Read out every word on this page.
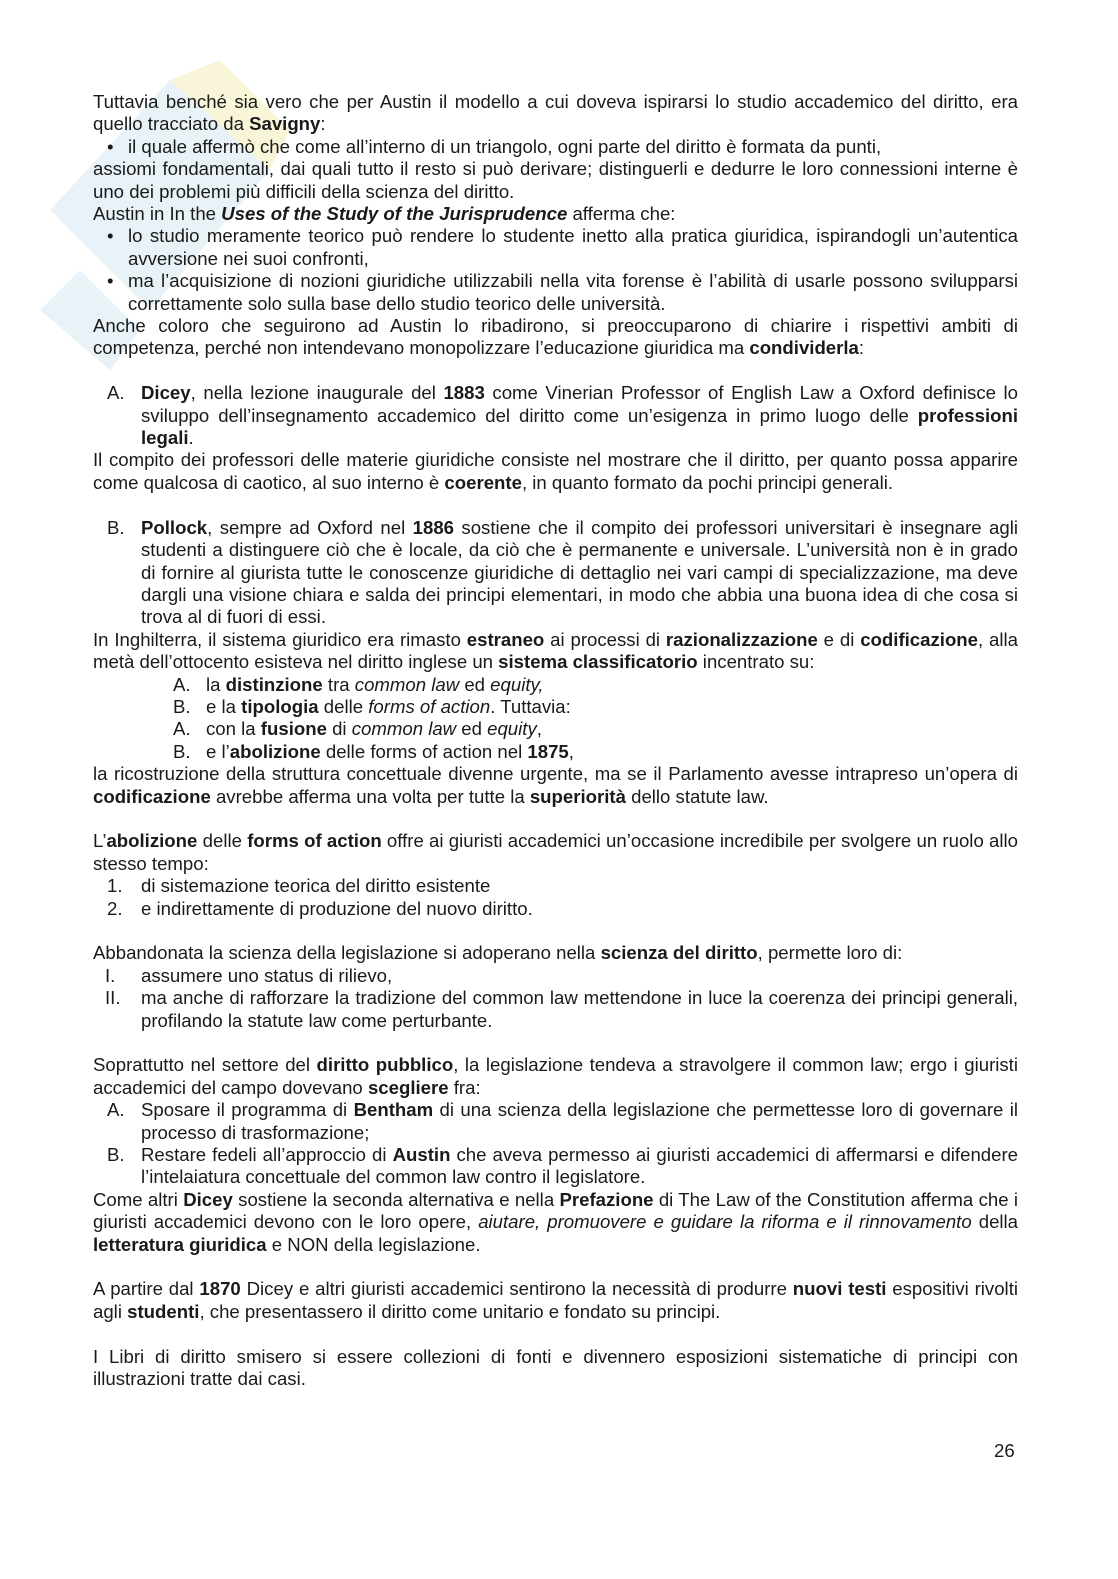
Tuttavia benché sia vero che per Austin il modello a cui doveva ispirarsi lo studio accademico del diritto, era quello tracciato da Savigny:

• il quale affermò che come all’interno di un triangolo, ogni parte del diritto è formata da punti,

assiomi fondamentali, dai quali tutto il resto si può derivare; distinguerli e dedurre le loro connessioni interne è uno dei problemi più difficili della scienza del diritto.

Austin in In the Uses of the Study of the Jurisprudence afferma che:

• lo studio meramente teorico può rendere lo studente inetto alla pratica giuridica, ispirandogli un’autentica avversione nei suoi confronti,
• ma l’acquisizione di nozioni giuridiche utilizzabili nella vita forense è l’abilità di usarle possono svilupparsi correttamente solo sulla base dello studio teorico delle università.

Anche coloro che seguirono ad Austin lo ribadirono, si preoccuparono di chiarire i rispettivi ambiti di competenza, perché non intendevano monopolizzare l’educazione giuridica ma condividerla:

A. Dicey, nella lezione inaugurale del 1883 come Vinerian Professor of English Law a Oxford definisce lo sviluppo dell’insegnamento accademico del diritto come un’esigenza in primo luogo delle professioni legali.

Il compito dei professori delle materie giuridiche consiste nel mostrare che il diritto, per quanto possa apparire come qualcosa di caotico, al suo interno è coerente, in quanto formato da pochi principi generali.

B. Pollock, sempre ad Oxford nel 1886 sostiene che il compito dei professori universitari è insegnare agli studenti a distinguere ciò che è locale, da ciò che è permanente e universale. L’università non è in grado di fornire al giurista tutte le conoscenze giuridiche di dettaglio nei vari campi di specializzazione, ma deve dargli una visione chiara e salda dei principi elementari, in modo che abbia una buona idea di che cosa si trova al di fuori di essi.

In Inghilterra, il sistema giuridico era rimasto estraneo ai processi di razionalizzazione e di codificazione, alla metà dell’ottocento esisteva nel diritto inglese un sistema classificatorio incentrato su:

A. la distinzione tra common law ed equity,
B. e la tipologia delle forms of action. Tuttavia:
A. con la fusione di common law ed equity,
B. e l’abolizione delle forms of action nel 1875,

la ricostruzione della struttura concettuale divenne urgente, ma se il Parlamento avesse intrapreso un’opera di codificazione avrebbe afferma una volta per tutte la superiorità dello statute law.

L’abolizione delle forms of action offre ai giuristi accademici un’occasione incredibile per svolgere un ruolo allo stesso tempo:

1. di sistemazione teorica del diritto esistente
2. e indirettamente di produzione del nuovo diritto.

Abbandonata la scienza della legislazione si adoperano nella scienza del diritto, permette loro di:

I. assumere uno status di rilievo,
II. ma anche di rafforzare la tradizione del common law mettendone in luce la coerenza dei principi generali, profilando la statute law come perturbante.

Soprattutto nel settore del diritto pubblico, la legislazione tendeva a stravolgere il common law; ergo i giuristi accademici del campo dovevano scegliere fra:

A. Sposare il programma di Bentham di una scienza della legislazione che permettesse loro di governare il processo di trasformazione;
B. Restare fedeli all’approccio di Austin che aveva permesso ai giuristi accademici di affermarsi e difendere l’intelaiatura concettuale del common law contro il legislatore.

Come altri Dicey sostiene la seconda alternativa e nella Prefazione di The Law of the Constitution afferma che i giuristi accademici devono con le loro opere, aiutare, promuovere e guidare la riforma e il rinnovamento della letteratura giuridica e NON della legislazione.

A partire dal 1870 Dicey e altri giuristi accademici sentirono la necessità di produrre nuovi testi espositivi rivolti agli studenti, che presentassero il diritto come unitario e fondato su principi.

I Libri di diritto smisero si essere collezioni di fonti e divennero esposizioni sistematiche di principi con illustrazioni tratte dai casi.

26
